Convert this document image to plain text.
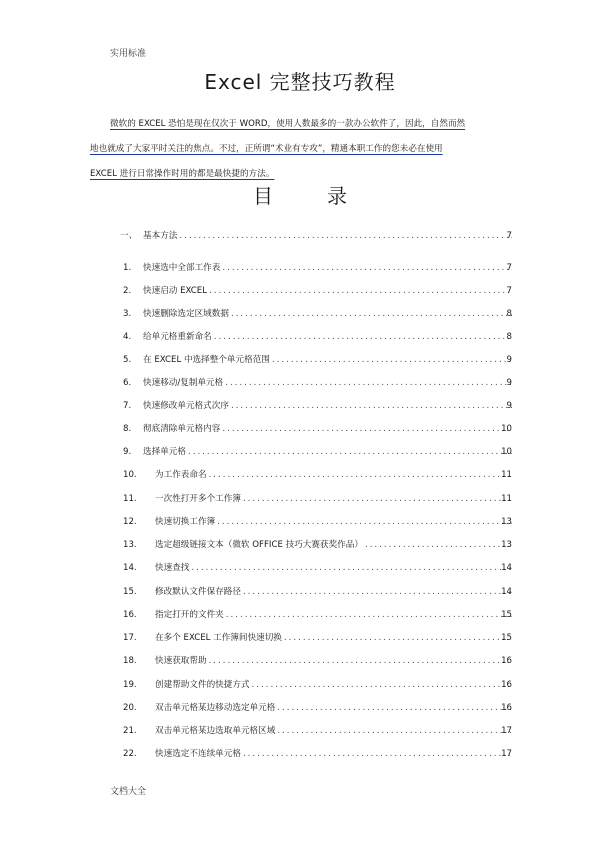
实用标准
Excel 完整技巧教程
微软的 EXCEL 恐怕是现在仅次于 WORD，使用人数最多的一款办公软件了，因此，自然而然
地也就成了大家平时关注的焦点。不过，正所谓“术业有专攻”，精通本职工作的您未必在使用
EXCEL 进行日常操作时用的都是最快捷的方法。
目	录
一、 基本方法 .....	7
1. 快速选中全部工作表 .....	7
2. 快速启动 EXCEL .....	7
3. 快速删除选定区域数据 .....	8
4. 给单元格重新命名 .....	8
5. 在 EXCEL 中选择整个单元格范围 .....	9
6. 快速移动/复制单元格 .....	9
7. 快速修改单元格式次序 .....	9
8. 彻底清除单元格内容 .....	10
9. 选择单元格 .....	10
10. 为工作表命名 .....	11
11. 一次性打开多个工作簿 .....	11
12. 快速切换工作簿 .....	13
13. 选定超级链接文本（微软 OFFICE 技巧大赛获奖作品） .....	13
14. 快速查找 .....	14
15. 修改默认文件保存路径 .....	14
16. 指定打开的文件夹 .....	15
17. 在多个 EXCEL 工作簿间快速切换 .....	15
18. 快速获取帮助 .....	16
19. 创建帮助文件的快捷方式 .....	16
20. 双击单元格某边移动选定单元格 .....	16
21. 双击单元格某边选取单元格区域 .....	17
22. 快速选定不连续单元格 .....	17
文档大全
